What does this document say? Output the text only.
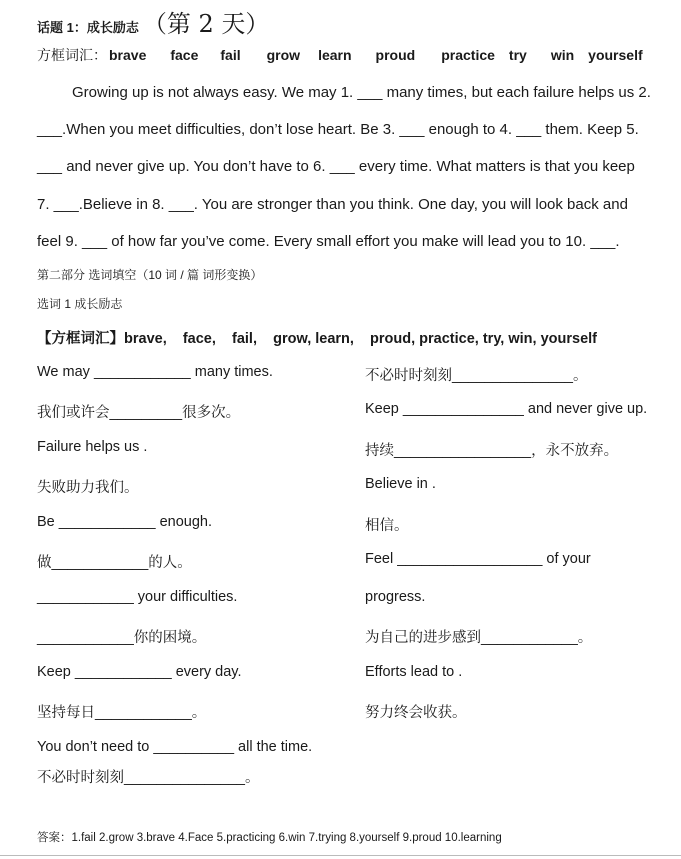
话题 1：成长励志 （第 2 天）
方框词汇： brave face fail grow learn proud practice try win yourself
Growing up is not always easy. We may 1. ___ many times, but each failure helps us 2.
___.When you meet difficulties, don’t lose heart. Be 3. ___ enough to 4. ___ them. Keep 5.
___ and never give up. You don’t have to 6. ___ every time. What matters is that you keep
7. ___.Believe in 8. ___. You are stronger than you think. One day, you will look back and
feel 9. ___ of how far you’ve come. Every small effort you make will lead you to 10. ___.
第二部分 选词填空（10 词 / 篇 词形变换）
选词 1 成长励志
【方框词汇】brave,    face,    fail,    grow, learn,    proud, practice, try, win, yourself
We may ____________ many times.
我们或许会_________很多次。
Failure helps us .
失败助力我们。
Be ____________ enough.
做____________的人。
____________ your difficulties.
____________你的困境。
Keep ____________ every day.
坚持每日____________。
You don’t need to __________ all the time.
不必时时刻刻_______________。
不必时时刻刻_______________。
Keep _______________ and never give up.
持续_________________，永不放弃。
Believe in .
相信。
Feel __________________ of your
progress.
为自己的进步感到____________。
Efforts lead to .
努力终会收获。
答案：1.fail 2.grow 3.brave 4.Face 5.practicing 6.win 7.trying 8.yourself 9.proud 10.learning
